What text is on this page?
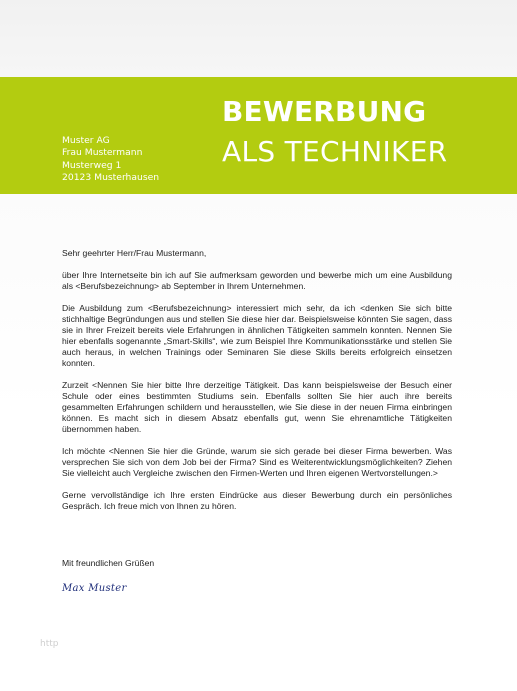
Muster AG
Frau Mustermann
Musterweg 1
20123 Musterhausen
BEWERBUNG
ALS TECHNIKER

Sehr geehrter Herr/Frau Mustermann,

über Ihre Internetseite bin ich auf Sie aufmerksam geworden und bewerbe mich um eine Ausbildung als <Berufsbezeichnung> ab September in Ihrem Unternehmen.

Die Ausbildung zum <Berufsbezeichnung> interessiert mich sehr, da ich <denken Sie sich bitte stichhaltige Begründungen aus und stellen Sie diese hier dar. Beispielsweise könnten Sie sagen, dass sie in Ihrer Freizeit bereits viele Erfahrungen in ähnlichen Tätigkeiten sammeln konnten. Nennen Sie hier ebenfalls sogenannte „Smart-Skills“, wie zum Beispiel Ihre Kommunikationsstärke und stellen Sie auch heraus, in welchen Trainings oder Seminaren Sie diese Skills bereits erfolgreich einsetzen konnten.

Zurzeit <Nennen Sie hier bitte Ihre derzeitige Tätigkeit. Das kann beispielsweise der Besuch einer Schule oder eines bestimmten Studiums sein. Ebenfalls sollten Sie hier auch ihre bereits gesammelten Erfahrungen schildern und herausstellen, wie Sie diese in der neuen Firma einbringen können. Es macht sich in diesem Absatz ebenfalls gut, wenn Sie ehrenamtliche Tätigkeiten übernommen haben.

Ich möchte <Nennen Sie hier die Gründe, warum sie sich gerade bei dieser Firma bewerben. Was versprechen Sie sich von dem Job bei der Firma? Sind es Weiterentwicklungsmöglichkeiten? Ziehen Sie vielleicht auch Vergleiche zwischen den Firmen-Werten und Ihren eigenen Wertvorstellungen.>

Gerne vervollständige ich Ihre ersten Eindrücke aus dieser Bewerbung durch ein persönliches Gespräch. Ich freue mich von Ihnen zu hören.

Mit freundlichen Grüßen
Max Muster
http
